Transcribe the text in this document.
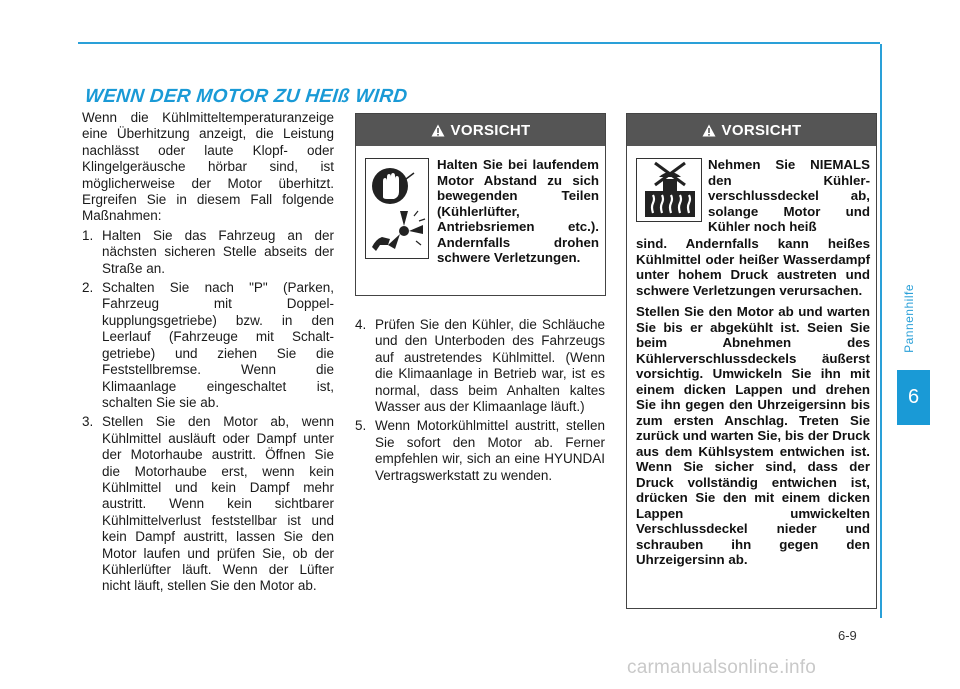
Pannenhilfe
6
WENN DER MOTOR ZU HEIß WIRD

Wenn die Kühlmitteltemperaturanzeige eine Überhitzung anzeigt, die Leistung nachlässt oder laute Klopf- oder Klingelgeräusche hörbar sind, ist möglicherweise der Motor überhitzt. Ergreifen Sie in diesem Fall folgende Maßnahmen:

1. Halten Sie das Fahrzeug an der nächsten sicheren Stelle abseits der Straße an.
2. Schalten Sie nach "P" (Parken, Fahrzeug mit Doppelkupplungsgetriebe) bzw. in den Leerlauf (Fahrzeuge mit Schaltgetriebe) und ziehen Sie die Feststellbremse. Wenn die Klimaanlage eingeschaltet ist, schalten Sie sie ab.
3. Stellen Sie den Motor ab, wenn Kühlmittel ausläuft oder Dampf unter der Motorhaube austritt. Öffnen Sie die Motorhaube erst, wenn kein Kühlmittel und kein Dampf mehr austritt. Wenn kein sichtbarer Kühlmittelverlust feststellbar ist und kein Dampf austritt, lassen Sie den Motor laufen und prüfen Sie, ob der Kühlerlüfter läuft. Wenn der Lüfter nicht läuft, stellen Sie den Motor ab.
VORSICHT
Halten Sie bei laufendem Motor Abstand zu sich bewegenden Teilen (Kühlerlüfter, Antriebsriemen etc.). Andernfalls drohen schwere Verletzungen.
4. Prüfen Sie den Kühler, die Schläuche und den Unterboden des Fahrzeugs auf austretendes Kühlmittel. (Wenn die Klimaanlage in Betrieb war, ist es normal, dass beim Anhalten kaltes Wasser aus der Klimaanlage läuft.)
5. Wenn Motorkühlmittel austritt, stellen Sie sofort den Motor ab. Ferner empfehlen wir, sich an eine HYUNDAI Vertragswerkstatt zu wenden.
VORSICHT
Nehmen Sie NIEMALS den Kühlerverschlussdeckel ab, solange Motor und Kühler noch heiß

sind. Andernfalls kann heißes Kühlmittel oder heißer Wasserdampf unter hohem Druck austreten und schwere Verletzungen verursachen.

Stellen Sie den Motor ab und warten Sie bis er abgekühlt ist. Seien Sie beim Abnehmen des Kühlerverschlussdeckels äußerst vorsichtig. Umwickeln Sie ihn mit einem dicken Lappen und drehen Sie ihn gegen den Uhrzeigersinn bis zum ersten Anschlag. Treten Sie zurück und warten Sie, bis der Druck aus dem Kühlsystem entwichen ist. Wenn Sie sicher sind, dass der Druck vollständig entwichen ist, drücken Sie den mit einem dicken Lappen umwickelten Verschlussdeckel nieder und schrauben ihn gegen den Uhrzeigersinn ab.

6-9
carmanualsonline.info
